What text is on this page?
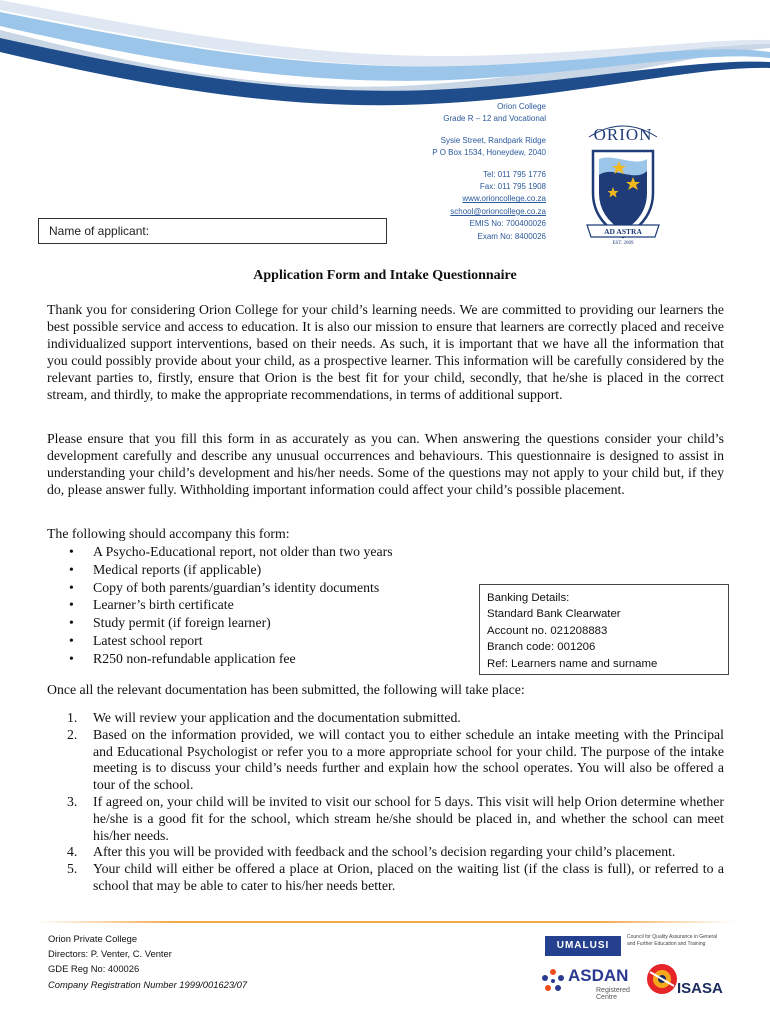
Orion College
Grade R – 12 and Vocational
Sysie Street, Randpark Ridge
P O Box 1534, Honeydew, 2040
Tel: 011 795 1776
Fax: 011 795 1908
www.orioncollege.co.za
school@orioncollege.co.za
EMIS No: 700400026
Exam No: 8400026
ORION
AD ASTRA
EST. 2009
Name of applicant:
Application Form and Intake Questionnaire
Thank you for considering Orion College for your child’s learning needs. We are committed to providing our learners the best possible service and access to education. It is also our mission to ensure that learners are correctly placed and receive individualized support interventions, based on their needs. As such, it is important that we have all the information that you could possibly provide about your child, as a prospective learner. This information will be carefully considered by the relevant parties to, firstly, ensure that Orion is the best fit for your child, secondly, that he/she is placed in the correct stream, and thirdly, to make the appropriate recommendations, in terms of additional support.
Please ensure that you fill this form in as accurately as you can. When answering the questions consider your child’s development carefully and describe any unusual occurrences and behaviours. This questionnaire is designed to assist in understanding your child’s development and his/her needs. Some of the questions may not apply to your child but, if they do, please answer fully. Withholding important information could affect your child’s possible placement.
The following should accompany this form:
• A Psycho-Educational report, not older than two years
• Medical reports (if applicable)
• Copy of both parents/guardian’s identity documents
• Learner’s birth certificate
• Study permit (if foreign learner)
• Latest school report
• R250 non-refundable application fee
Banking Details:
Standard Bank Clearwater
Account no. 021208883
Branch code: 001206
Ref: Learners name and surname
Once all the relevant documentation has been submitted, the following will take place:
1. We will review your application and the documentation submitted.
2. Based on the information provided, we will contact you to either schedule an intake meeting with the Principal and Educational Psychologist or refer you to a more appropriate school for your child. The purpose of the intake meeting is to discuss your child’s needs further and explain how the school operates. You will also be offered a tour of the school.
3. If agreed on, your child will be invited to visit our school for 5 days. This visit will help Orion determine whether he/she is a good fit for the school, which stream he/she should be placed in, and whether the school can meet his/her needs.
4. After this you will be provided with feedback and the school’s decision regarding your child’s placement.
5. Your child will either be offered a place at Orion, placed on the waiting list (if the class is full), or referred to a school that may be able to cater to his/her needs better.
Orion Private College
Directors: P. Venter, C. Venter
GDE Reg No: 400026
Company Registration Number 1999/001623/07
UMALUSI
Council for Quality Assurance in General and Further Education and Training
ASDAN
Registered Centre
ISASA
